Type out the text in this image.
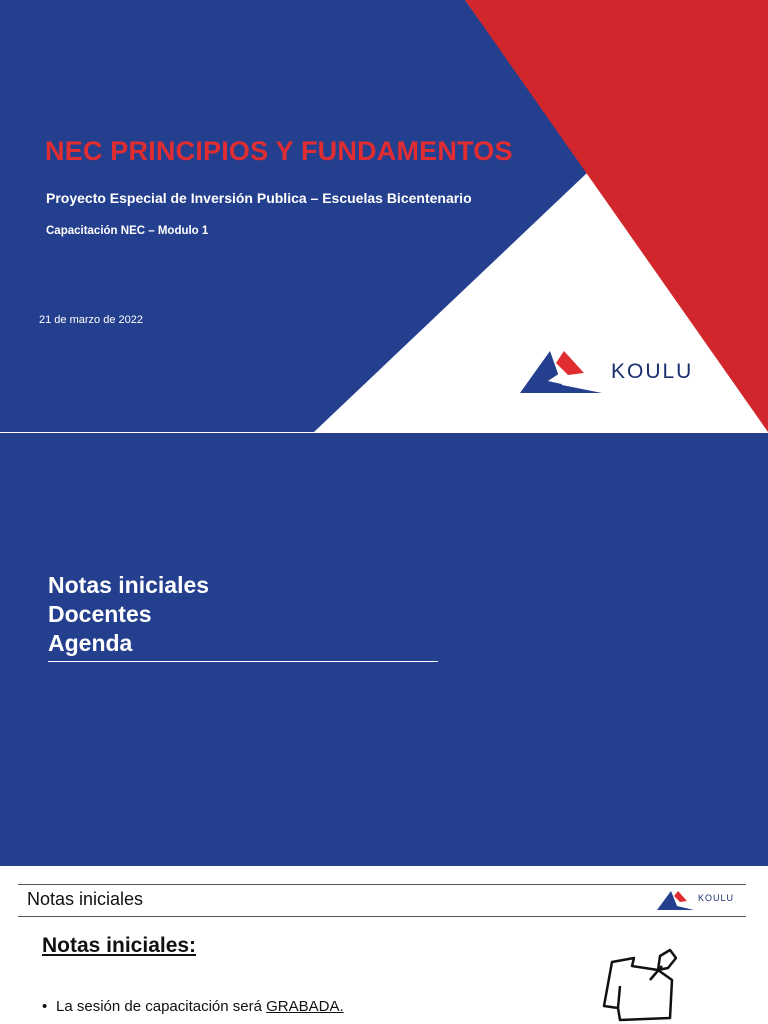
NEC PRINCIPIOS Y FUNDAMENTOS
Proyecto Especial de Inversión Publica – Escuelas Bicentenario
Capacitación NEC – Modulo 1
21 de marzo de 2022
KOULU
Notas iniciales
Docentes
Agenda
Notas iniciales	KOULU
Notas iniciales:
• La sesión de capacitación será GRABADA.
